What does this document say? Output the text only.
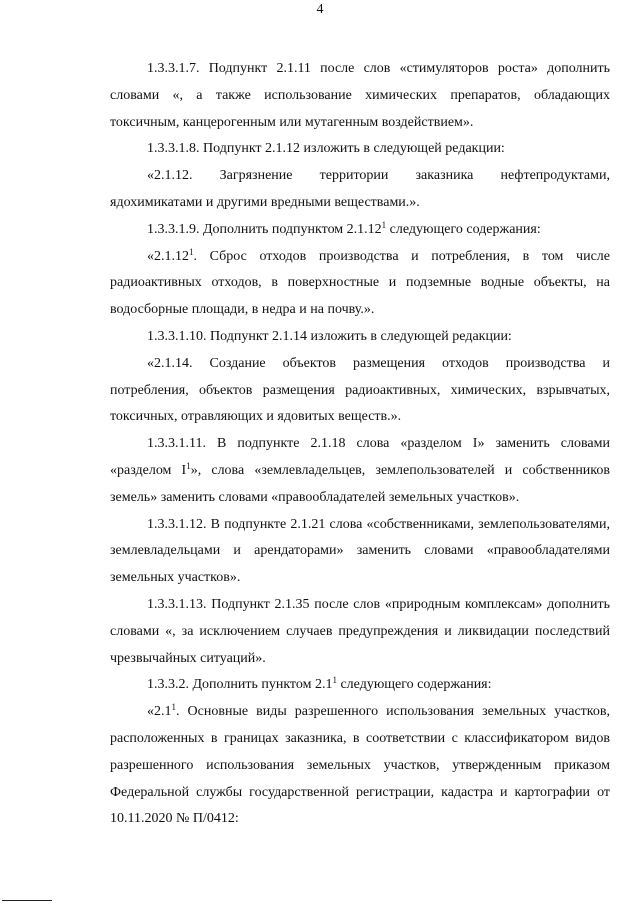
4

1.3.3.1.7. Подпункт 2.1.11 после слов «стимуляторов роста» дополнить словами «, а также использование химических препаратов, обладающих токсичным, канцерогенным или мутагенным воздействием».

1.3.3.1.8. Подпункт 2.1.12 изложить в следующей редакции:

«2.1.12. Загрязнение территории заказника нефтепродуктами, ядохимикатами и другими вредными веществами.».

1.3.3.1.9. Дополнить подпунктом 2.1.12$^1$ следующего содержания:

«2.1.12$^1$. Сброс отходов производства и потребления, в том числе радиоактивных отходов, в поверхностные и подземные водные объекты, на водосборные площади, в недра и на почву.».

1.3.3.1.10. Подпункт 2.1.14 изложить в следующей редакции:

«2.1.14. Создание объектов размещения отходов производства и потребления, объектов размещения радиоактивных, химических, взрывчатых, токсичных, отравляющих и ядовитых веществ.».

1.3.3.1.11. В подпункте 2.1.18 слова «разделом I» заменить словами «разделом $I^1$», слова «землевладельцев, землепользователей и собственников земель» заменить словами «правообладателей земельных участков».

1.3.3.1.12. В подпункте 2.1.21 слова «собственниками, землепользователями, землевладельцами и арендаторами» заменить словами «правообладателями земельных участков».

1.3.3.1.13. Подпункт 2.1.35 после слов «природным комплексам» дополнить словами «, за исключением случаев предупреждения и ликвидации последствий чрезвычайных ситуаций».

1.3.3.2. Дополнить пунктом $2.1^1$ следующего содержания:

«$2.1^1$. Основные виды разрешенного использования земельных участков, расположенных в границах заказника, в соответствии с классификатором видов разрешенного использования земельных участков, утвержденным приказом Федеральной службы государственной регистрации, кадастра и картографии от 10.11.2020 № П/0412:
